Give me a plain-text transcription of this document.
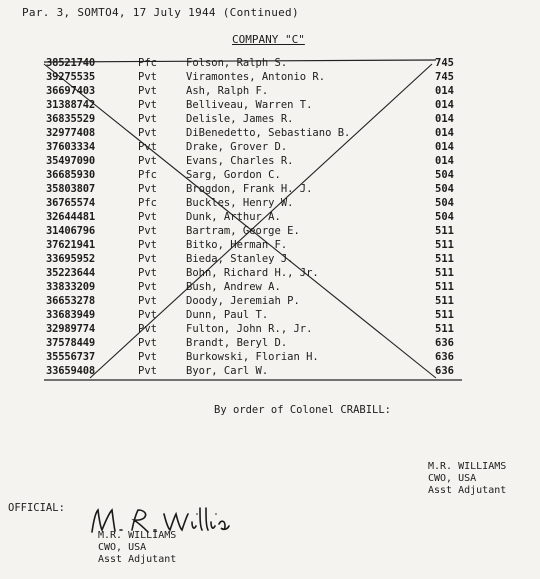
Par. 3, SOMTO4, 17 July 1944 (Continued)
COMPANY "C"
38521740	Pfc	Folson, Ralph S.	745
39275535	Pvt	Viramontes, Antonio R.	745
36697403	Pvt	Ash, Ralph F.	014
31388742	Pvt	Belliveau, Warren T.	014
36835529	Pvt	Delisle, James R.	014
32977408	Pvt	DiBenedetto, Sebastiano B.	014
37603334	Pvt	Drake, Grover D.	014
35497090	Pvt	Evans, Charles R.	014
36685930	Pfc	Sarg, Gordon C.	504
35803807	Pvt	Brogdon, Frank H. J.	504
36765574	Pfc	Buckles, Henry W.	504
32644481	Pvt	Dunk, Arthur A.	504
31406796	Pvt	Bartram, George E.	511
37621941	Pvt	Bitko, Herman F.	511
33695952	Pvt	Bieda, Stanley J.	511
35223644	Pvt	Bohn, Richard H., Jr.	511
33833209	Pvt	Bush, Andrew A.	511
36653278	Pvt	Doody, Jeremiah P.	511
33683949	Pvt	Dunn, Paul T.	511
32989774	Pvt	Fulton, John R., Jr.	511
37578449	Pvt	Brandt, Beryl D.	636
35556737	Pvt	Burkowski, Florian H.	636
33659408	Pvt	Byor, Carl W.	636
By order of Colonel CRABILL:
M.R. WILLIAMS
CWO, USA
Asst Adjutant
OFFICIAL:
M.R. WILLIAMS
CWO, USA
Asst Adjutant
